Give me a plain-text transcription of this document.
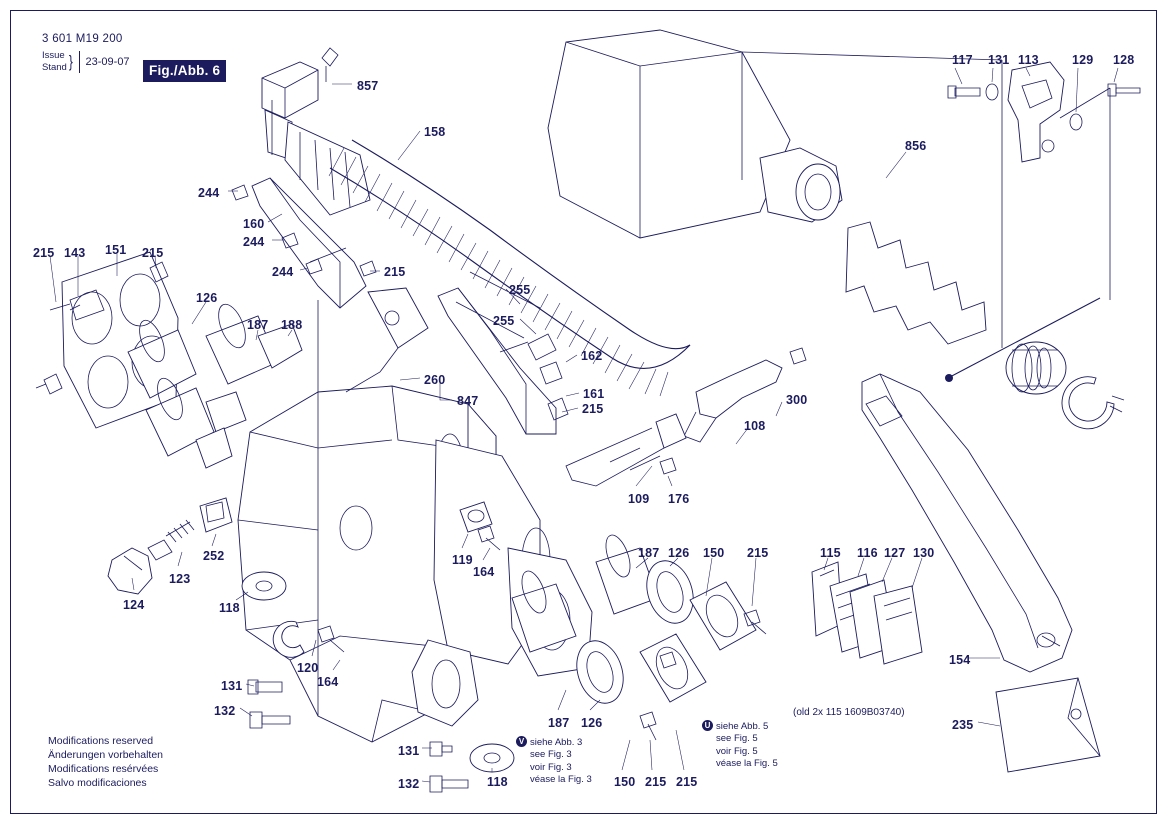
3 601 M19 200
Issue
Stand }	23-09-07
Fig./Abb. 6
Modifications reserved
Änderungen vorbehalten
Modifications resérvées
Salvo modificaciones
V siehe Abb. 3
see Fig. 3
voir Fig. 3
véase la Fig. 3
U siehe Abb. 5
see Fig. 5
voir Fig. 5
véase la Fig. 5
(old 2x 115 1609B03740)
857
158
117 131 113	129 128
856
244
160
244
244	215
255
255
215 143 151 215
126
187 188
260
847
162
161
215
300
108
109 176
252
123
124	118
119
164
187 126 150 215	115 116 127 130
154
235
120
164
131
132
131
132	118
187 126
150 215 215
